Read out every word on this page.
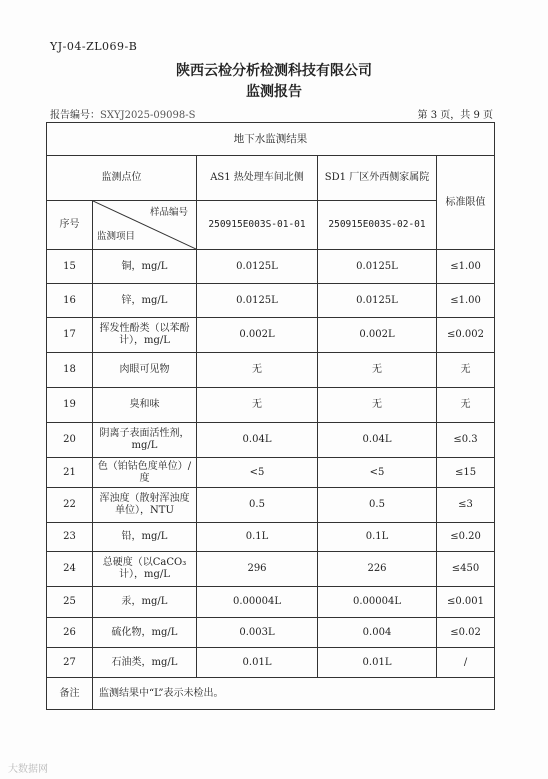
YJ-04-ZL069-B
陕西云检分析检测科技有限公司
监测报告
报告编号：SXYJ2025-09098-S	第 3 页，共 9 页
地下水监测结果				
监测点位		AS1 热处理车间北侧	SD1 厂区外西侧家属院	标准限值
序号	样品编号
监测项目	250915E003S-01-01	250915E003S-02-01	
15	铜，mg/L	0.0125L	0.0125L	≤1.00
16	锌，mg/L	0.0125L	0.0125L	≤1.00
17	挥发性酚类（以苯酚计），mg/L	0.002L	0.002L	≤0.002
18	肉眼可见物	无	无	无
19	臭和味	无	无	无
20	阴离子表面活性剂，mg/L	0.04L	0.04L	≤0.3
21	色（铂钴色度单位）/度	<5	<5	≤15
22	浑浊度（散射浑浊度单位），NTU	0.5	0.5	≤3
23	铅，mg/L	0.1L	0.1L	≤0.20
24	总硬度（以CaCO₃计），mg/L	296	226	≤450
25	汞，mg/L	0.00004L	0.00004L	≤0.001
26	硫化物，mg/L	0.003L	0.004	≤0.02
27	石油类，mg/L	0.01L	0.01L	/
备注	监测结果中“L”表示未检出。			
大数据网
